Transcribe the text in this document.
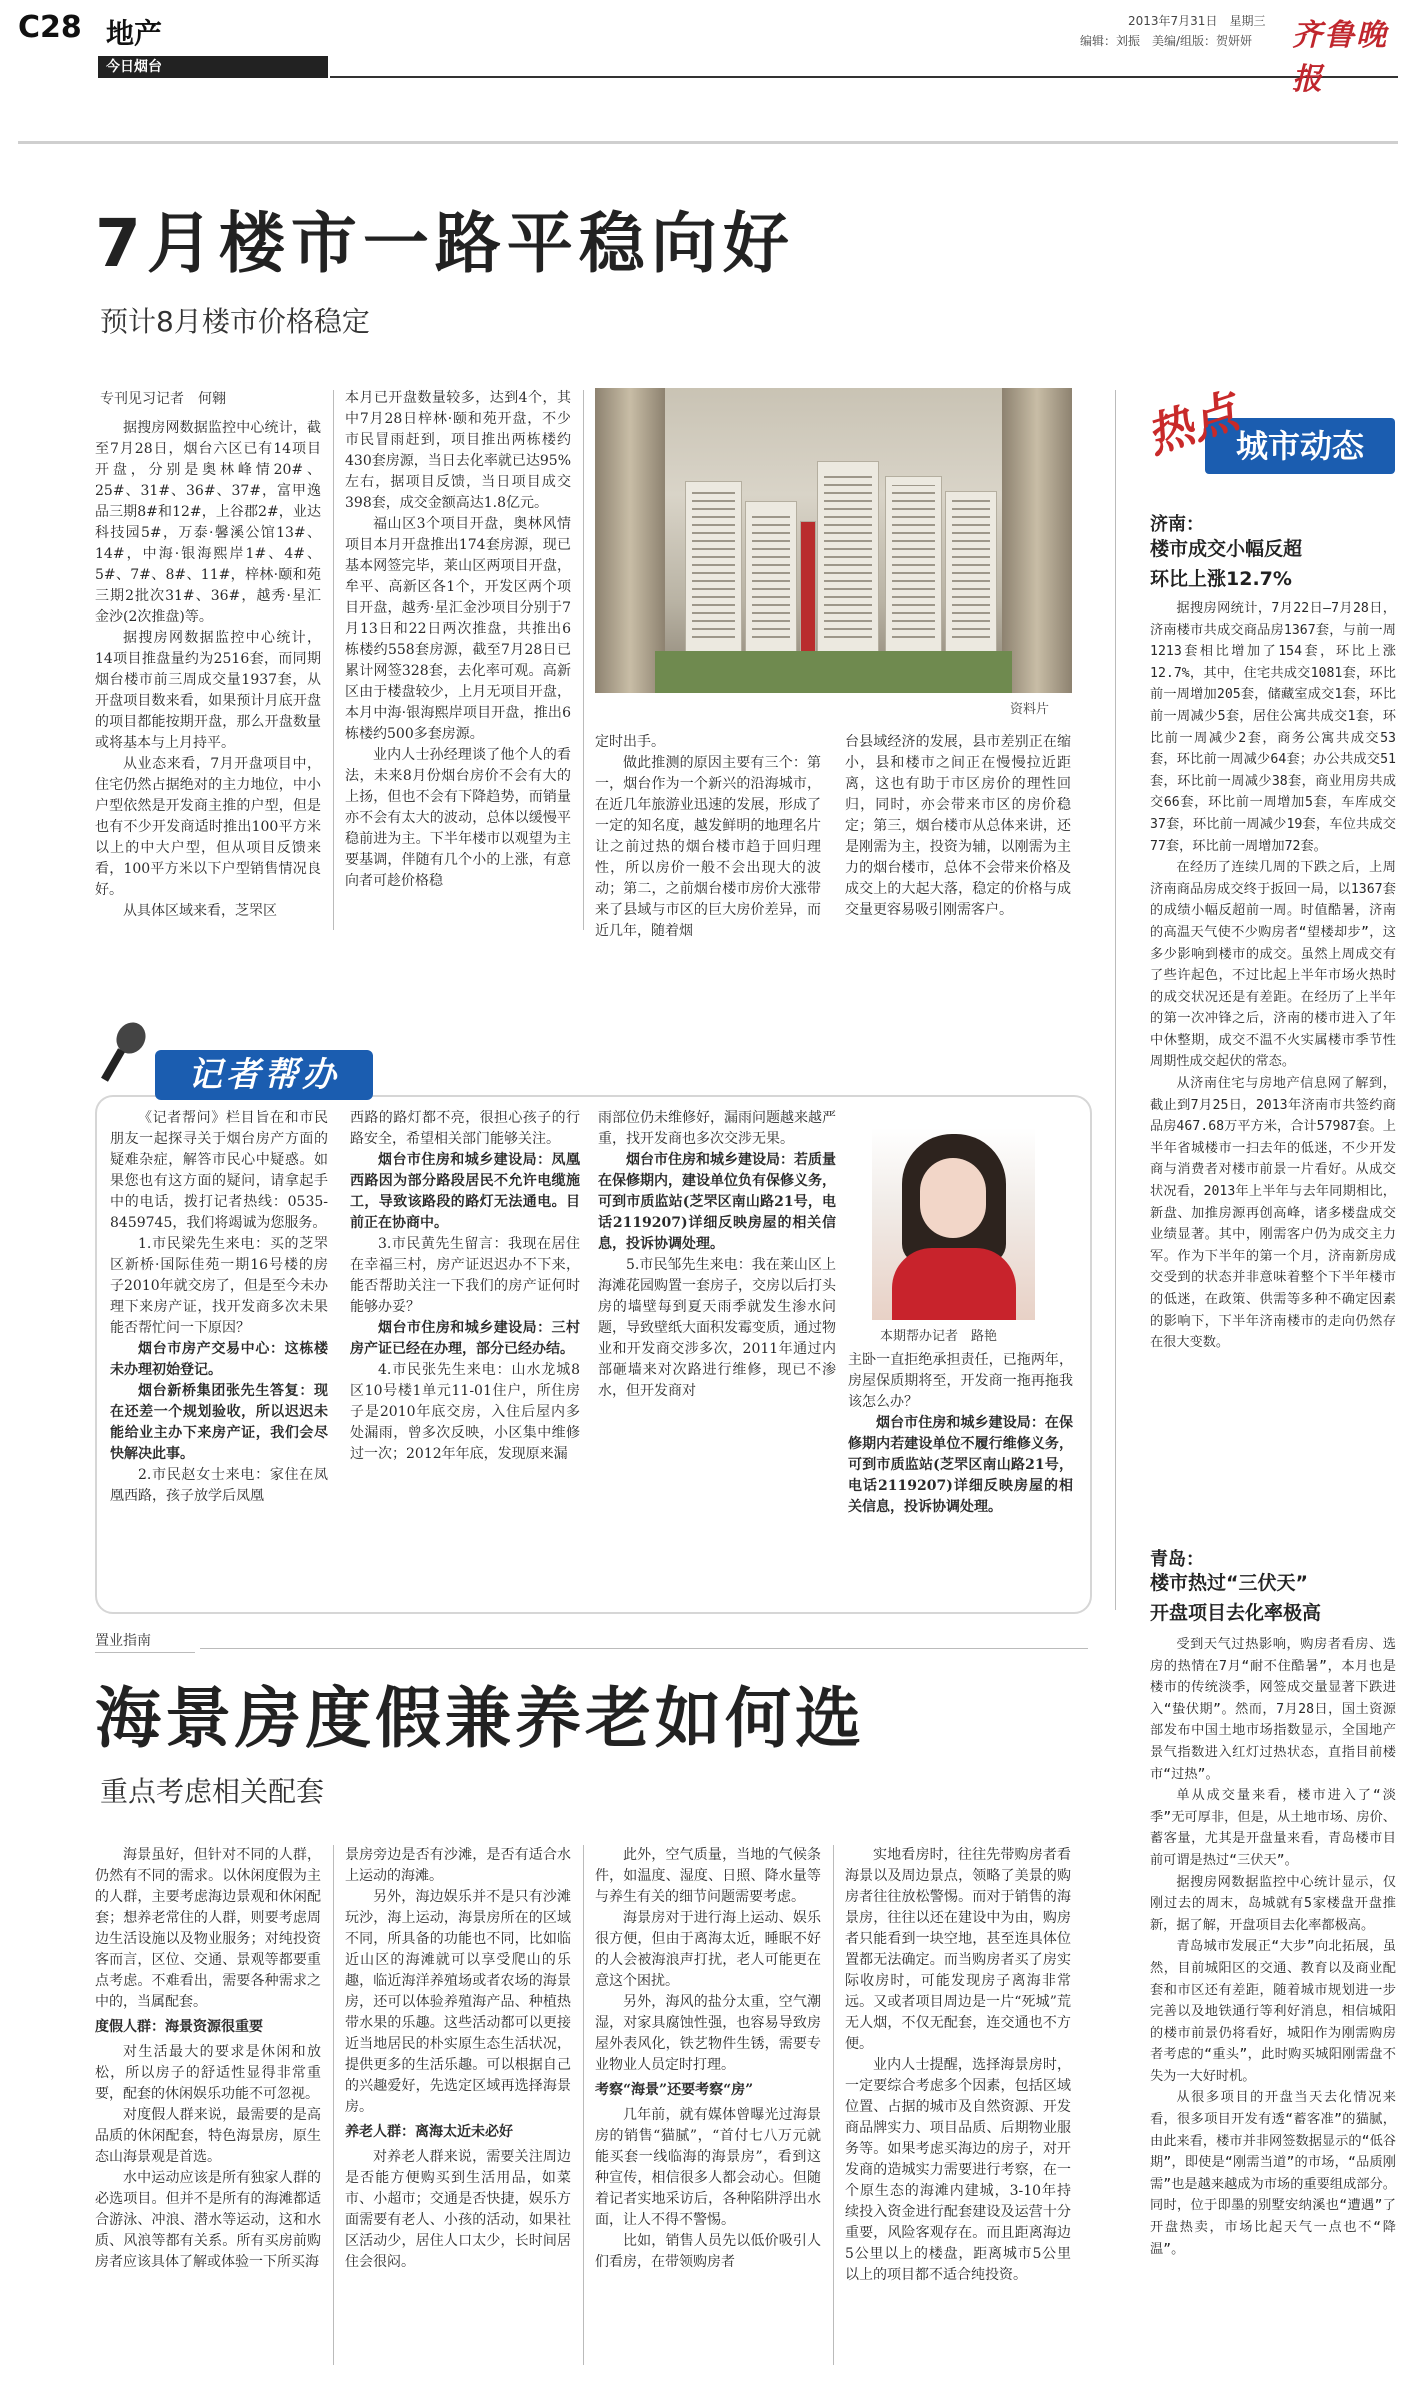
C28 地产
今日烟台
2013年7月31日　星期三
编辑：刘振　美编/组版：贺妍妍 齐鲁晚报
7月楼市一路平稳向好
预计8月楼市价格稳定
专刊见习记者　何翱

据搜房网数据监控中心统计，截至7月28日，烟台六区已有14项目开盘，分别是奥林峰情20#、25#、31#、36#、37#，富甲逸品三期8#和12#，上谷郡2#，业达科技园5#，万泰·馨溪公馆13#、14#，中海·银海熙岸1#、4#、5#、7#、8#、11#，梓林·颐和苑三期2批次31#、36#，越秀·星汇金沙(2次推盘)等。

据搜房网数据监控中心统计，14项目推盘量约为2516套，而同期烟台楼市前三周成交量1937套，从开盘项目数来看，如果预计月底开盘的项目都能按期开盘，那么开盘数量或将基本与上月持平。

从业态来看，7月开盘项目中，住宅仍然占据绝对的主力地位，中小户型依然是开发商主推的户型，但是也有不少开发商适时推出100平方米以上的中大户型，但从项目反馈来看，100平方米以下户型销售情况良好。

从具体区域来看，芝罘区

本月已开盘数量较多，达到4个，其中7月28日梓林·颐和苑开盘，不少市民冒雨赶到，项目推出两栋楼约430套房源，当日去化率就已达95%左右，据项目反馈，当日项目成交398套，成交金额高达1.8亿元。

福山区3个项目开盘，奥林风情项目本月开盘推出174套房源，现已基本网签完毕，莱山区两项目开盘，牟平、高新区各1个，开发区两个项目开盘，越秀·星汇金沙项目分别于7月13日和22日两次推盘，共推出6栋楼约558套房源，截至7月28日已累计网签328套，去化率可观。高新区由于楼盘较少，上月无项目开盘，本月中海·银海熙岸项目开盘，推出6栋楼约500多套房源。

业内人士孙经理谈了他个人的看法，未来8月份烟台房价不会有大的上扬，但也不会有下降趋势，而销量亦不会有太大的波动，总体以缓慢平稳前进为主。下半年楼市以观望为主要基调，伴随有几个小的上涨，有意向者可趁价格稳

定时出手。

做此推测的原因主要有三个：第一，烟台作为一个新兴的沿海城市，在近几年旅游业迅速的发展，形成了一定的知名度，越发鲜明的地理名片让之前过热的烟台楼市趋于回归理性，所以房价一般不会出现大的波动；第二，之前烟台楼市房价大涨带来了县域与市区的巨大房价差异，而近几年，随着烟

台县域经济的发展，县市差别正在缩小，县和楼市之间正在慢慢拉近距离，这也有助于市区房价的理性回归，同时，亦会带来市区的房价稳定；第三，烟台楼市从总体来讲，还是刚需为主，投资为辅，以刚需为主力的烟台楼市，总体不会带来价格及成交上的大起大落，稳定的价格与成交量更容易吸引刚需客户。

资料片
记者帮办

《记者帮问》栏目旨在和市民朋友一起探寻关于烟台房产方面的疑难杂症，解答市民心中疑惑。如果您也有这方面的疑问，请拿起手中的电话，拨打记者热线：0535-8459745，我们将竭诚为您服务。

1.市民梁先生来电：买的芝罘区新桥·国际佳苑一期16号楼的房子2010年就交房了，但是至今未办理下来房产证，找开发商多次未果能否帮忙问一下原因？

烟台市房产交易中心：这栋楼未办理初始登记。

烟台新桥集团张先生答复：现在还差一个规划验收，所以迟迟未能给业主办下来房产证，我们会尽快解决此事。

2.市民赵女士来电：家住在凤凰西路，孩子放学后凤凰

西路的路灯都不亮，很担心孩子的行路安全，希望相关部门能够关注。

烟台市住房和城乡建设局：凤凰西路因为部分路段居民不允许电缆施工，导致该路段的路灯无法通电。目前正在协商中。

3.市民黄先生留言：我现在居住在幸福三村，房产证迟迟办不下来，能否帮助关注一下我们的房产证何时能够办妥？

烟台市住房和城乡建设局：三村房产证已经在办理，部分已经办结。

4.市民张先生来电：山水龙城8区10号楼1单元11-01住户，所住房子是2010年底交房，入住后屋内多处漏雨，曾多次反映，小区集中维修过一次；2012年年底，发现原来漏

雨部位仍未维修好，漏雨问题越来越严重，找开发商也多次交涉无果。

烟台市住房和城乡建设局：若质量在保修期内，建设单位负有保修义务，可到市质监站(芝罘区南山路21号，电话2119207)详细反映房屋的相关信息，投诉协调处理。

5.市民邹先生来电：我在莱山区上海滩花园购置一套房子，交房以后打头房的墙壁每到夏天雨季就发生渗水问题，导致壁纸大面积发霉变质，通过物业和开发商交涉多次，2011年通过内部砸墙来对次路进行维修，现已不渗水，但开发商对

主卧一直拒绝承担责任，已拖两年，房屋保质期将至，开发商一拖再拖我该怎么办？

烟台市住房和城乡建设局：在保修期内若建设单位不履行维修义务，可到市质监站(芝罘区南山路21号，电话2119207)详细反映房屋的相关信息，投诉协调处理。

本期帮办记者　路艳
置业指南
海景房度假兼养老如何选
重点考虑相关配套

海景虽好，但针对不同的人群，仍然有不同的需求。以休闲度假为主的人群，主要考虑海边景观和休闲配套；想养老常住的人群，则要考虑周边生活设施以及物业服务；对纯投资客而言，区位、交通、景观等都要重点考虑。不难看出，需要各种需求之中的，当属配套。

度假人群：海景资源很重要

对生活最大的要求是休闲和放松，所以房子的舒适性显得非常重要，配套的休闲娱乐功能不可忽视。

对度假人群来说，最需要的是高品质的休闲配套，特色海景房，原生态山海景观是首选。

水中运动应该是所有独家人群的必选项目。但并不是所有的海滩都适合游泳、冲浪、潜水等运动，这和水质、风浪等都有关系。所有买房前购房者应该具体了解或体验一下所买海

景房旁边是否有沙滩，是否有适合水上运动的海滩。

另外，海边娱乐并不是只有沙滩玩沙，海上运动，海景房所在的区域不同，所具备的功能也不同，比如临近山区的海滩就可以享受爬山的乐趣，临近海洋养殖场或者农场的海景房，还可以体验养殖海产品、种植热带水果的乐趣。这些活动都可以更接近当地居民的朴实原生态生活状况，提供更多的生活乐趣。可以根据自己的兴趣爱好，先选定区域再选择海景房。

养老人群：离海太近未必好

对养老人群来说，需要关注周边是否能方便购买到生活用品，如菜市、小超市；交通是否快捷，娱乐方面需要有老人、小孩的活动，如果社区活动少，居住人口太少，长时间居住会很闷。

此外，空气质量，当地的气候条件，如温度、湿度、日照、降水量等与养生有关的细节问题需要考虑。

海景房对于进行海上运动、娱乐很方便，但由于离海太近，睡眠不好的人会被海浪声打扰，老人可能更在意这个困扰。

另外，海风的盐分太重，空气潮湿，对家具腐蚀性强，也容易导致房屋外表风化，铁艺物件生锈，需要专业物业人员定时打理。

考察“海景”还要考察“房”

几年前，就有媒体曾曝光过海景房的销售“猫腻”，“首付七八万元就能买套一线临海的海景房”，看到这种宣传，相信很多人都会动心。但随着记者实地采访后，各种陷阱浮出水面，让人不得不警惕。

比如，销售人员先以低价吸引人们看房，在带领购房者

实地看房时，往往先带购房者看海景以及周边景点，领略了美景的购房者往往放松警惕。而对于销售的海景房，往往以还在建设中为由，购房者只能看到一块空地，甚至连具体位置都无法确定。而当购房者买了房实际收房时，可能发现房子离海非常远。又或者项目周边是一片“死城”荒无人烟，不仅无配套，连交通也不方便。

业内人士提醒，选择海景房时，一定要综合考虑多个因素，包括区域位置、占据的城市及自然资源、开发商品牌实力、项目品质、后期物业服务等。如果考虑买海边的房子，对开发商的造城实力需要进行考察，在一个原生态的海滩内建城，3-10年持续投入资金进行配套建设及运营十分重要，风险客观存在。而且距离海边5公里以上的楼盘，距离城市5公里以上的项目都不适合纯投资。

城市动态
热点
济南：
楼市成交小幅反超
环比上涨12.7%

据搜房网统计，7月22日—7月28日，济南楼市共成交商品房1367套，与前一周1213套相比增加了154套，环比上涨12.7%，其中，住宅共成交1081套，环比前一周增加205套，储藏室成交1套，环比前一周减少5套，居住公寓共成交1套，环比前一周减少2套，商务公寓共成交53套，环比前一周减少64套；办公共成交51套，环比前一周减少38套，商业用房共成交66套，环比前一周增加5套，车库成交37套，环比前一周减少19套，车位共成交77套，环比前一周增加72套。

在经历了连续几周的下跌之后，上周济南商品房成交终于扳回一局，以1367套的成绩小幅反超前一周。时值酷暑，济南的高温天气使不少购房者“望楼却步”，这多少影响到楼市的成交。虽然上周成交有了些许起色，不过比起上半年市场火热时的成交状况还是有差距。在经历了上半年的第一次冲锋之后，济南的楼市进入了年中休整期，成交不温不火实属楼市季节性周期性成交起伏的常态。

从济南住宅与房地产信息网了解到，截止到7月25日，2013年济南市共签约商品房467.68万平方米，合计57987套。上半年省城楼市一扫去年的低迷，不少开发商与消费者对楼市前景一片看好。从成交状况看，2013年上半年与去年同期相比，新盘、加推房源再创高峰，诸多楼盘成交业绩显著。其中，刚需客户仍为成交主力军。作为下半年的第一个月，济南新房成交受到的状态并非意味着整个下半年楼市的低迷，在政策、供需等多种不确定因素的影响下，下半年济南楼市的走向仍然存在很大变数。

青岛：
楼市热过“三伏天”
开盘项目去化率极高

受到天气过热影响，购房者看房、选房的热情在7月“耐不住酷暑”，本月也是楼市的传统淡季，网签成交量显著下跌进入“蛰伏期”。然而，7月28日，国土资源部发布中国土地市场指数显示，全国地产景气指数进入红灯过热状态，直指目前楼市“过热”。

单从成交量来看，楼市进入了“淡季”无可厚非，但是，从土地市场、房价、蓄客量，尤其是开盘量来看，青岛楼市目前可谓是热过“三伏天”。

据搜房网数据监控中心统计显示，仅刚过去的周末，岛城就有5家楼盘开盘推新，据了解，开盘项目去化率都极高。

青岛城市发展正“大步”向北拓展，虽然，目前城阳区的交通、教育以及商业配套和市区还有差距，随着城市规划进一步完善以及地铁通行等利好消息，相信城阳的楼市前景仍将看好，城阳作为刚需购房者考虑的“重头”，此时购买城阳刚需盘不失为一大好时机。

从很多项目的开盘当天去化情况来看，很多项目开发有透“蓄客准”的猫腻，由此来看，楼市并非网签数据显示的“低谷期”，即使是“刚需当道”的市场，“品质刚需”也是越来越成为市场的重要组成部分。同时，位于即墨的别墅安纳溪也“遭遇”了开盘热卖，市场比起天气一点也不“降温”。
